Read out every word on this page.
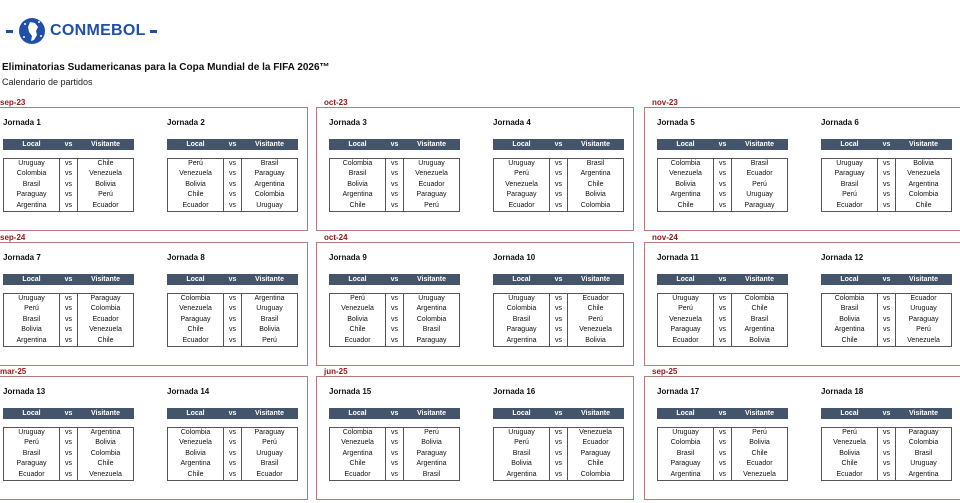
CONMEBOL
Eliminatorias Sudamericanas para la Copa Mundial de la FIFA 2026™
Calendario de partidos
sep-23
Jornada 1
Local	vs	Visitante
Uruguay	vs	Chile
Colombia	vs	Venezuela
Brasil	vs	Bolivia
Paraguay	vs	Perú
Argentina	vs	Ecuador
Jornada 2
Local	vs	Visitante
Perú	vs	Brasil
Venezuela	vs	Paraguay
Bolivia	vs	Argentina
Chile	vs	Colombia
Ecuador	vs	Uruguay
oct-23
Jornada 3
Local	vs	Visitante
Colombia	vs	Uruguay
Brasil	vs	Venezuela
Bolivia	vs	Ecuador
Argentina	vs	Paraguay
Chile	vs	Perú
Jornada 4
Local	vs	Visitante
Uruguay	vs	Brasil
Perú	vs	Argentina
Venezuela	vs	Chile
Paraguay	vs	Bolivia
Ecuador	vs	Colombia
nov-23
Jornada 5
Local	vs	Visitante
Colombia	vs	Brasil
Venezuela	vs	Ecuador
Bolivia	vs	Perú
Argentina	vs	Uruguay
Chile	vs	Paraguay
Jornada 6
Local	vs	Visitante
Uruguay	vs	Bolivia
Paraguay	vs	Venezuela
Brasil	vs	Argentina
Perú	vs	Colombia
Ecuador	vs	Chile
sep-24
Jornada 7
Local	vs	Visitante
Uruguay	vs	Paraguay
Perú	vs	Colombia
Brasil	vs	Ecuador
Bolivia	vs	Venezuela
Argentina	vs	Chile
Jornada 8
Local	vs	Visitante
Colombia	vs	Argentina
Venezuela	vs	Uruguay
Paraguay	vs	Brasil
Chile	vs	Bolivia
Ecuador	vs	Perú
oct-24
Jornada 9
Local	vs	Visitante
Perú	vs	Uruguay
Venezuela	vs	Argentina
Bolivia	vs	Colombia
Chile	vs	Brasil
Ecuador	vs	Paraguay
Jornada 10
Local	vs	Visitante
Uruguay	vs	Ecuador
Colombia	vs	Chile
Brasil	vs	Perú
Paraguay	vs	Venezuela
Argentina	vs	Bolivia
nov-24
Jornada 11
Local	vs	Visitante
Uruguay	vs	Colombia
Perú	vs	Chile
Venezuela	vs	Brasil
Paraguay	vs	Argentina
Ecuador	vs	Bolivia
Jornada 12
Local	vs	Visitante
Colombia	vs	Ecuador
Brasil	vs	Uruguay
Bolivia	vs	Paraguay
Argentina	vs	Perú
Chile	vs	Venezuela
mar-25
Jornada 13
Local	vs	Visitante
Uruguay	vs	Argentina
Perú	vs	Bolivia
Brasil	vs	Colombia
Paraguay	vs	Chile
Ecuador	vs	Venezuela
Jornada 14
Local	vs	Visitante
Colombia	vs	Paraguay
Venezuela	vs	Perú
Bolivia	vs	Uruguay
Argentina	vs	Brasil
Chile	vs	Ecuador
jun-25
Jornada 15
Local	vs	Visitante
Colombia	vs	Perú
Venezuela	vs	Bolivia
Argentina	vs	Paraguay
Chile	vs	Argentina
Ecuador	vs	Brasil
Jornada 16
Local	vs	Visitante
Uruguay	vs	Venezuela
Perú	vs	Ecuador
Brasil	vs	Paraguay
Bolivia	vs	Chile
Argentina	vs	Colombia
sep-25
Jornada 17
Local	vs	Visitante
Uruguay	vs	Perú
Colombia	vs	Bolivia
Brasil	vs	Chile
Paraguay	vs	Ecuador
Argentina	vs	Venezuela
Jornada 18
Local	vs	Visitante
Perú	vs	Paraguay
Venezuela	vs	Colombia
Bolivia	vs	Brasil
Chile	vs	Uruguay
Ecuador	vs	Argentina
